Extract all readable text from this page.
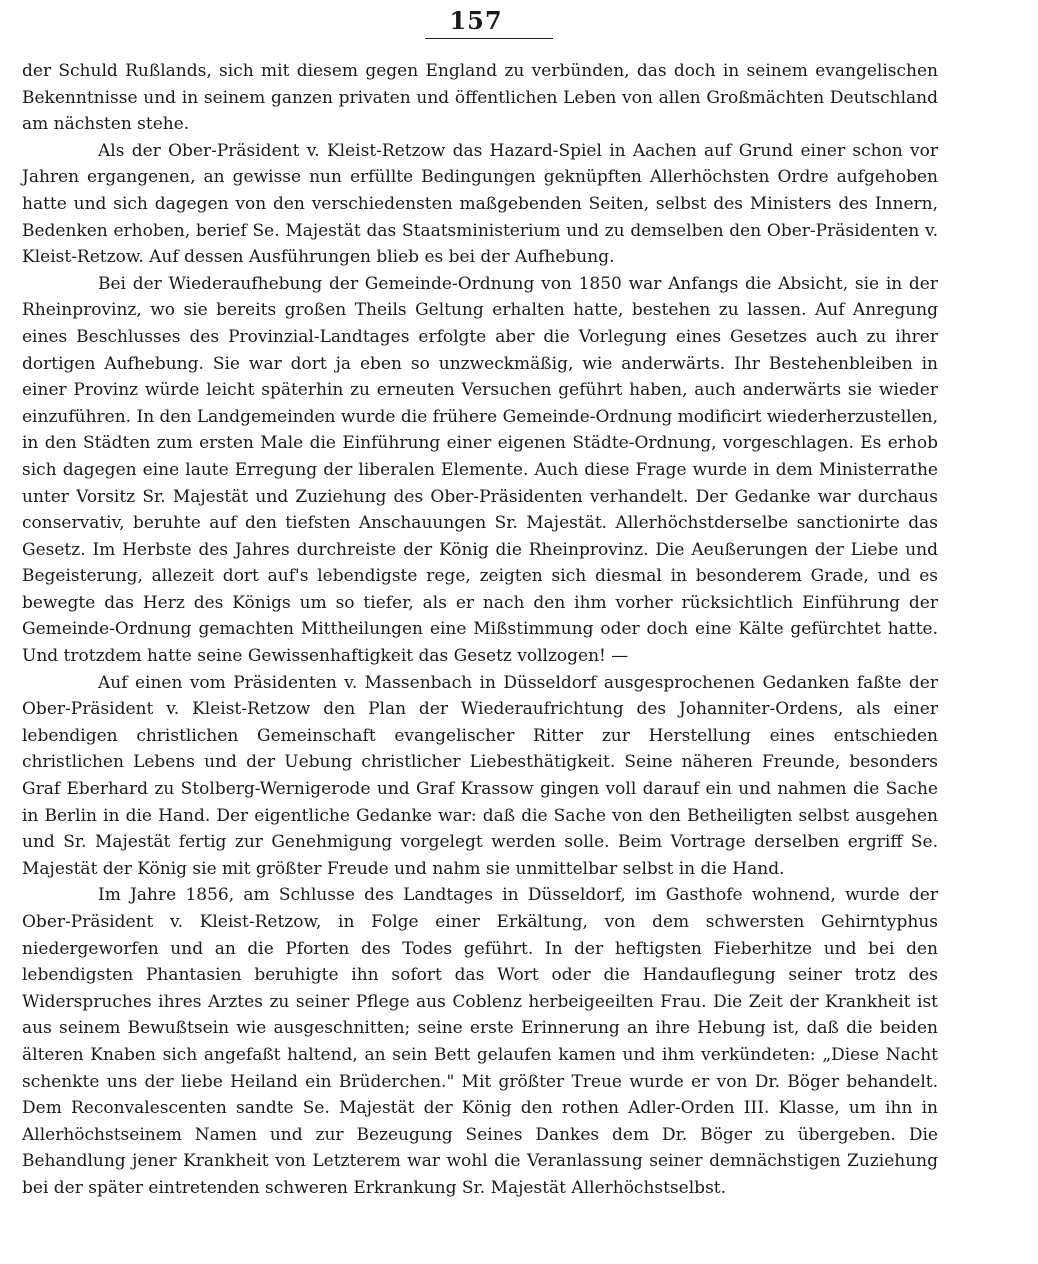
157

der Schuld Rußlands, sich mit diesem gegen England zu verbünden, das doch in seinem evangelischen Bekenntnisse und in seinem ganzen privaten und öffentlichen Leben von allen Großmächten Deutschland am nächsten stehe.

Als der Ober-Präsident v. Kleist-Retzow das Hazard-Spiel in Aachen auf Grund einer schon vor Jahren ergangenen, an gewisse nun erfüllte Bedingungen geknüpften Allerhöchsten Ordre aufgehoben hatte und sich dagegen von den verschiedensten maßgebenden Seiten, selbst des Ministers des Innern, Bedenken erhoben, berief Se. Majestät das Staatsministerium und zu demselben den Ober-Präsidenten v. Kleist-Retzow. Auf dessen Ausführungen blieb es bei der Aufhebung.

Bei der Wiederaufhebung der Gemeinde-Ordnung von 1850 war Anfangs die Absicht, sie in der Rheinprovinz, wo sie bereits großen Theils Geltung erhalten hatte, bestehen zu lassen. Auf Anregung eines Beschlusses des Provinzial-Landtages erfolgte aber die Vorlegung eines Gesetzes auch zu ihrer dortigen Aufhebung. Sie war dort ja eben so unzweckmäßig, wie anderwärts. Ihr Bestehenbleiben in einer Provinz würde leicht späterhin zu erneuten Versuchen geführt haben, auch anderwärts sie wieder einzuführen. In den Landgemeinden wurde die frühere Gemeinde-Ordnung modificirt wiederherzustellen, in den Städten zum ersten Male die Einführung einer eigenen Städte-Ordnung, vorgeschlagen. Es erhob sich dagegen eine laute Erregung der liberalen Elemente. Auch diese Frage wurde in dem Ministerrathe unter Vorsitz Sr. Majestät und Zuziehung des Ober-Präsidenten verhandelt. Der Gedanke war durchaus conservativ, beruhte auf den tiefsten Anschauungen Sr. Majestät. Allerhöchstderselbe sanctionirte das Gesetz. Im Herbste des Jahres durchreiste der König die Rheinprovinz. Die Aeußerungen der Liebe und Begeisterung, allezeit dort auf's lebendigste rege, zeigten sich diesmal in besonderem Grade, und es bewegte das Herz des Königs um so tiefer, als er nach den ihm vorher rücksichtlich Einführung der Gemeinde-Ordnung gemachten Mittheilungen eine Mißstimmung oder doch eine Kälte gefürchtet hatte. Und trotzdem hatte seine Gewissenhaftigkeit das Gesetz vollzogen! —

Auf einen vom Präsidenten v. Massenbach in Düsseldorf ausgesprochenen Gedanken faßte der Ober-Präsident v. Kleist-Retzow den Plan der Wiederaufrichtung des Johanniter-Ordens, als einer lebendigen christlichen Gemeinschaft evangelischer Ritter zur Herstellung eines entschieden christlichen Lebens und der Uebung christlicher Liebesthätigkeit. Seine näheren Freunde, besonders Graf Eberhard zu Stolberg-Wernigerode und Graf Krassow gingen voll darauf ein und nahmen die Sache in Berlin in die Hand. Der eigentliche Gedanke war: daß die Sache von den Betheiligten selbst ausgehen und Sr. Majestät fertig zur Genehmigung vorgelegt werden solle. Beim Vortrage derselben ergriff Se. Majestät der König sie mit größter Freude und nahm sie unmittelbar selbst in die Hand.

Im Jahre 1856, am Schlusse des Landtages in Düsseldorf, im Gasthofe wohnend, wurde der Ober-Präsident v. Kleist-Retzow, in Folge einer Erkältung, von dem schwersten Gehirntyphus niedergeworfen und an die Pforten des Todes geführt. In der heftigsten Fieberhitze und bei den lebendigsten Phantasien beruhigte ihn sofort das Wort oder die Handauflegung seiner trotz des Widerspruches ihres Arztes zu seiner Pflege aus Coblenz herbeigeeilten Frau. Die Zeit der Krankheit ist aus seinem Bewußtsein wie ausgeschnitten; seine erste Erinnerung an ihre Hebung ist, daß die beiden älteren Knaben sich angefaßt haltend, an sein Bett gelaufen kamen und ihm verkündeten: „Diese Nacht schenkte uns der liebe Heiland ein Brüderchen." Mit größter Treue wurde er von Dr. Böger behandelt. Dem Reconvalescenten sandte Se. Majestät der König den rothen Adler-Orden III. Klasse, um ihn in Allerhöchstseinem Namen und zur Bezeugung Seines Dankes dem Dr. Böger zu übergeben. Die Behandlung jener Krankheit von Letzterem war wohl die Veranlassung seiner demnächstigen Zuziehung bei der später eintretenden schweren Erkrankung Sr. Majestät Allerhöchstselbst.
